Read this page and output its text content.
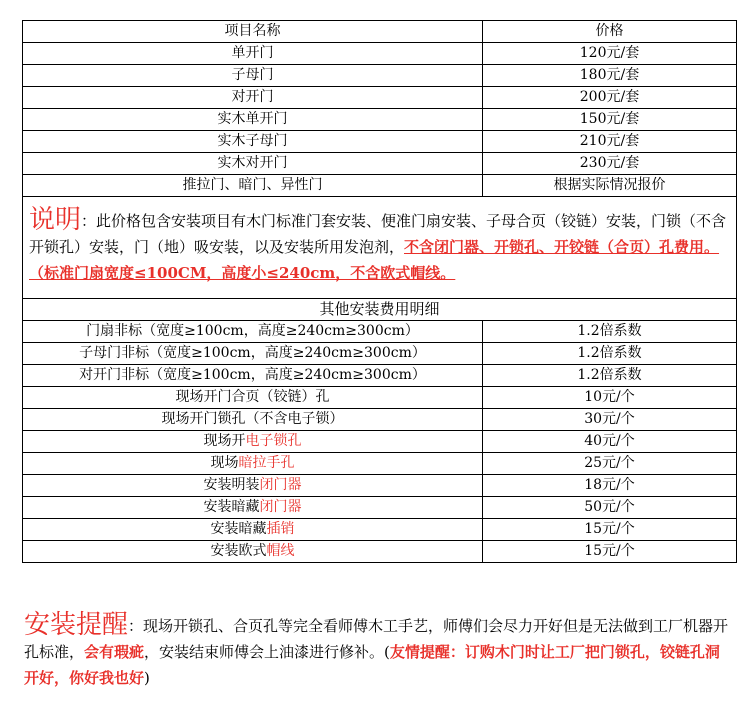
项目名称	价格
单开门	120元/套
子母门	180元/套
对开门	200元/套
实木单开门	150元/套
实木子母门	210元/套
实木对开门	230元/套
推拉门、暗门、异性门	根据实际情况报价
说明：此价格包含安装项目有木门标准门套安装、便准门扇安装、子母合页（铰链）安装，门锁（不含开锁孔）安装，门（地）吸安装，以及安装所用发泡剂，不含闭门器、开锁孔、开铰链（合页）孔费用。（标准门扇宽度≤100CM，高度小≤240cm，不含欧式帽线。	
其他安装费用明细	
门扇非标（宽度≥100cm，高度≥240cm≥300cm）	1.2倍系数
子母门非标（宽度≥100cm，高度≥240cm≥300cm）	1.2倍系数
对开门非标（宽度≥100cm，高度≥240cm≥300cm）	1.2倍系数
现场开门合页（铰链）孔	10元/个
现场开门锁孔（不含电子锁）	30元/个
现场开电子锁孔	40元/个
现场暗拉手孔	25元/个
安装明装闭门器	18元/个
安装暗藏闭门器	50元/个
安装暗藏插销	15元/个
安装欧式帽线	15元/个
安装提醒：现场开锁孔、合页孔等完全看师傅木工手艺，师傅们会尽力开好但是无法做到工厂机器开孔标准，会有瑕疵，安装结束师傅会上油漆进行修补。(友情提醒：订购木门时让工厂把门锁孔，铰链孔洞开好，你好我也好)
